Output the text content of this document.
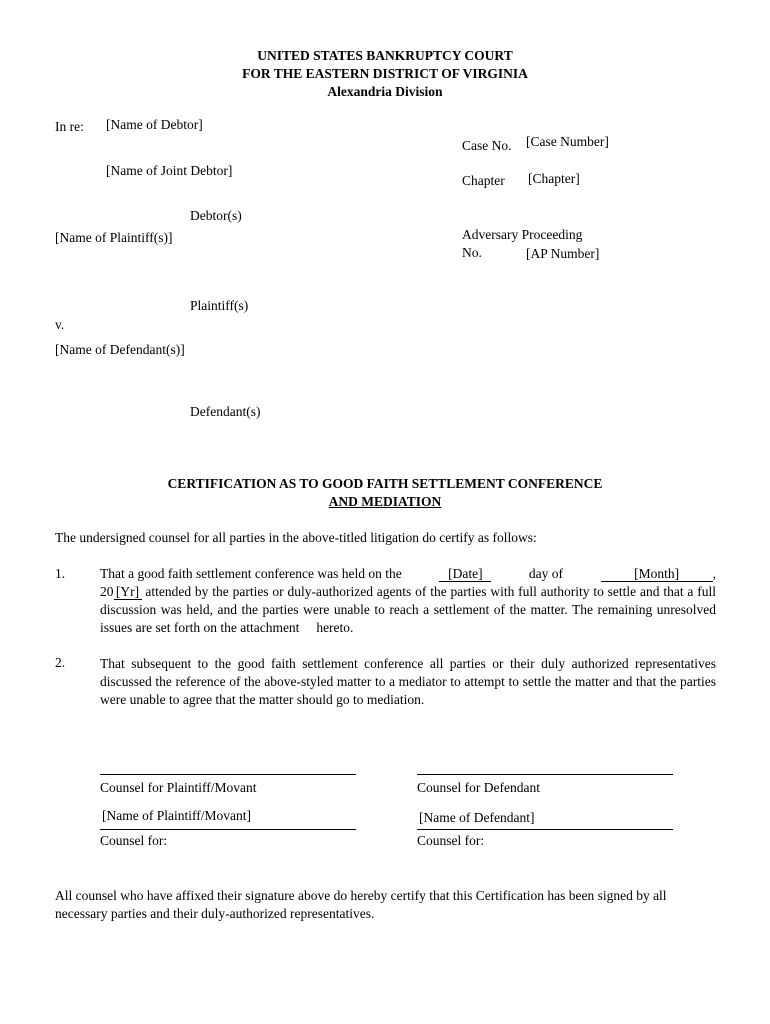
UNITED STATES BANKRUPTCY COURT
FOR THE EASTERN DISTRICT OF VIRGINIA
Alexandria Division
In re: [Name of Debtor]
[Name of Joint Debtor]
Debtor(s)
[Name of Plaintiff(s)]
Plaintiff(s)
v.
[Name of Defendant(s)]
Defendant(s)
Case No. [Case Number]
Chapter [Chapter]
Adversary Proceeding
No.	[AP Number]
CERTIFICATION AS TO GOOD FAITH SETTLEMENT CONFERENCE
AND MEDIATION
The undersigned counsel for all parties in the above-titled litigation do certify as follows:
1.	That a good faith settlement conference was held on the	[Date]	day of	[Month]	,
20 [Yr] attended by the parties or duly-authorized agents of the parties with full authority to settle and that a full discussion was held, and the parties were unable to reach a settlement of the matter. The remaining unresolved issues are set forth on the attachment hereto.
2.	That subsequent to the good faith settlement conference all parties or their duly authorized representatives discussed the reference of the above-styled matter to a mediator to attempt to settle the matter and that the parties were unable to agree that the matter should go to mediation.
Counsel for Plaintiff/Movant
[Name of Plaintiff/Movant]
Counsel for:
Counsel for Defendant
[Name of Defendant]
Counsel for:
All counsel who have affixed their signature above do hereby certify that this Certification has been signed by all necessary parties and their duly-authorized representatives.
